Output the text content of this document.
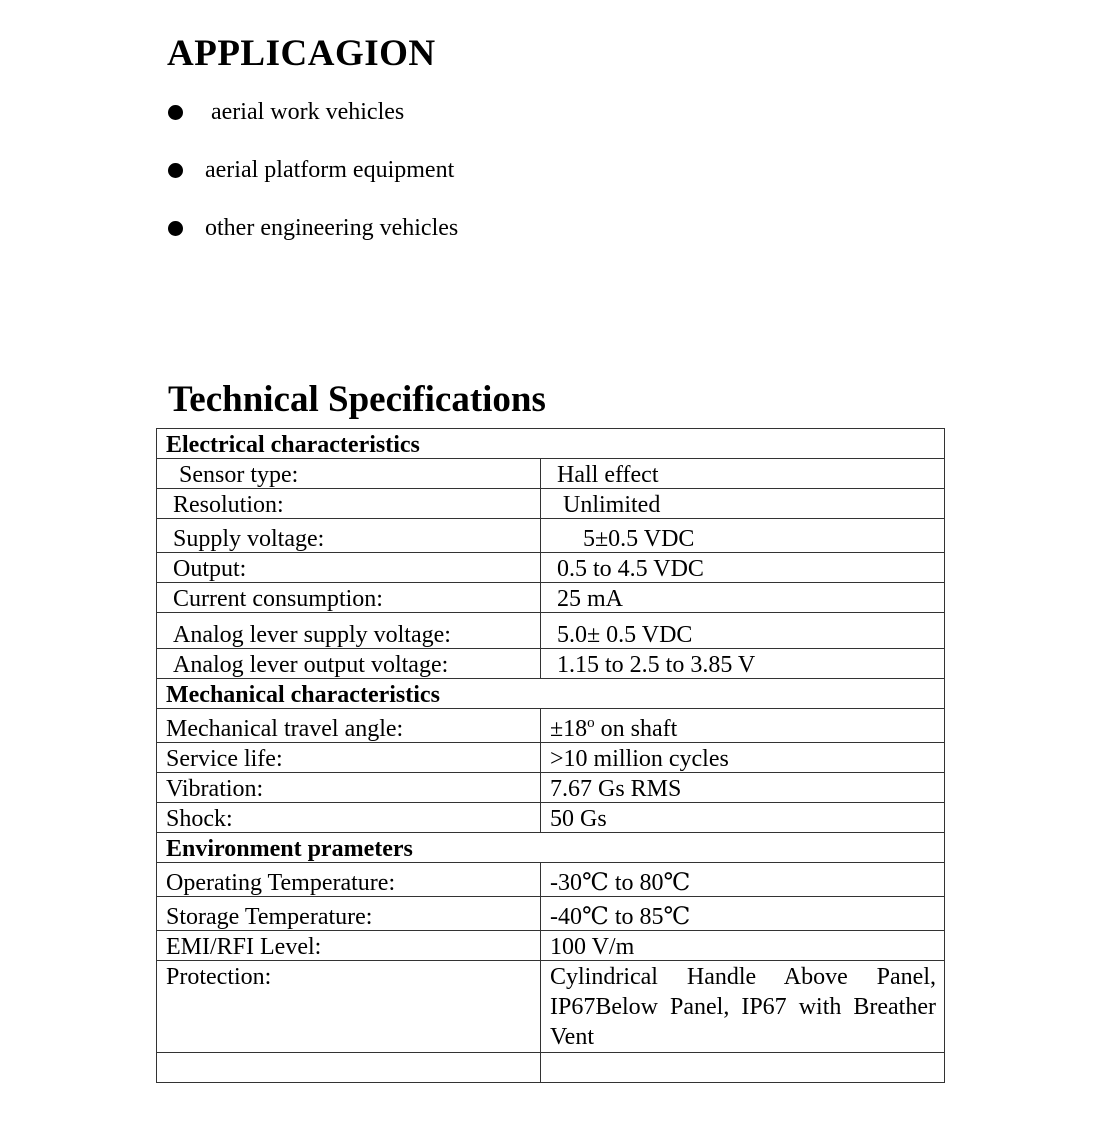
APPLICAGION
aerial work vehicles
aerial platform equipment
other engineering vehicles
Technical Specifications
Electrical characteristics	
Sensor type:	Hall effect
Resolution:	Unlimited
Supply voltage:	5±0.5 VDC
Output:	0.5 to 4.5 VDC
Current consumption:	25 mA
Analog lever supply voltage:	5.0± 0.5 VDC
Analog lever output voltage:	1.15 to 2.5 to 3.85 V
Mechanical characteristics	
Mechanical travel angle:	$\pm 18^o$ on shaft
Service life:	>10 million cycles
Vibration:	7.67 Gs RMS
Shock:	50 Gs
Environment prameters	
Operating Temperature:	-30℃ to 80℃
Storage Temperature:	-40℃ to 85℃
EMI/RFI Level:	100 V/m
Protection:	Cylindrical Handle Above Panel, IP67Below Panel, IP67 with Breather Vent
